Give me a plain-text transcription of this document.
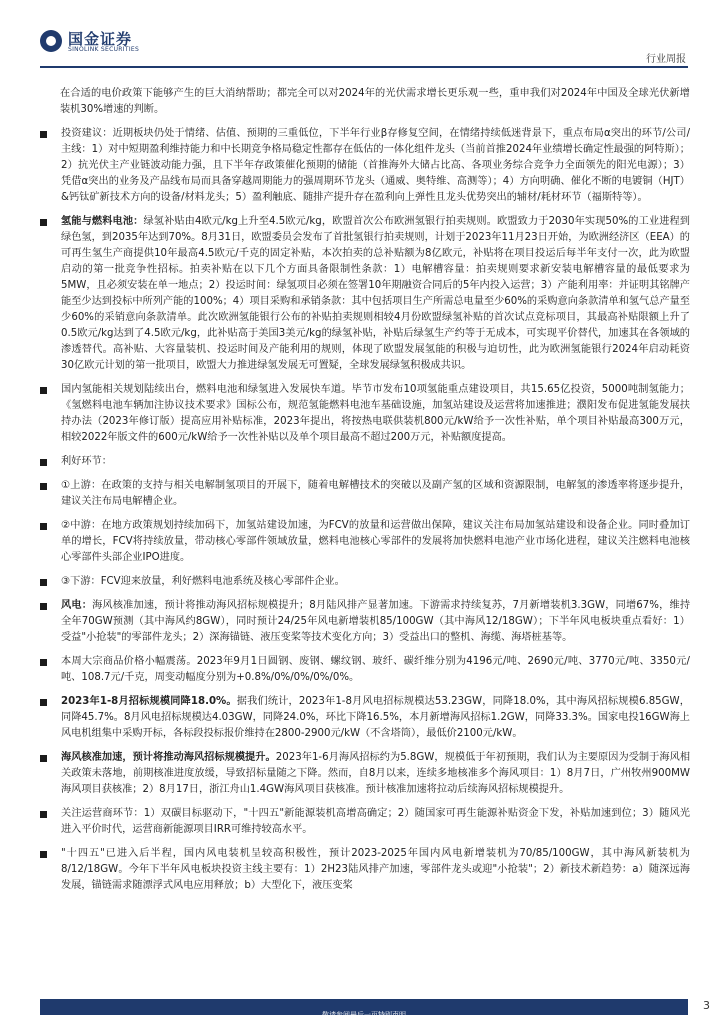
国金证券
SINOLINK SECURITIES
行业周报

在合适的电价政策下能够产生的巨大消纳帮助；都完全可以对2024年的光伏需求增长更乐观一些，重申我们对2024年中国及全球光伏新增装机30%增速的判断。

投资建议：近期板块仍处于情绪、估值、预期的三重低位，下半年行业β存修复空间，在情绪持续低迷背景下，重点布局α突出的环节/公司/主线：1）对中短期盈利维持能力和中长期竞争格局稳定性都存在低估的一体化组件龙头（当前首推2024年业绩增长确定性最强的阿特斯）；2）抗光伏主产业链波动能力强，且下半年存政策催化预期的储能（首推海外大储占比高、各项业务综合竞争力全面领先的阳光电源）；3）凭借α突出的业务及产品线布局而具备穿越周期能力的强周期环节龙头（通威、奥特维、高测等）；4）方向明确、催化不断的电镀铜（HJT）&钙钛矿新技术方向的设备/材料龙头；5）盈利触底、随排产提升存在盈利向上弹性且龙头优势突出的辅材/耗材环节（福斯特等）。
氢能与燃料电池：绿氢补贴由4欧元/kg上升至4.5欧元/kg，欧盟首次公布欧洲氢银行拍卖规则。欧盟致力于2030年实现50%的工业进程到绿色氢，到2035年达到70%。8月31日，欧盟委员会发布了首批氢银行拍卖规则，计划于2023年11月23日开始，为欧洲经济区（EEA）的可再生氢生产商提供10年最高4.5欧元/千克的固定补贴，本次拍卖的总补贴额为8亿欧元，补贴将在项目投运后每半年支付一次，此为欧盟启动的第一批竞争性招标。拍卖补贴在以下几个方面具备限制性条款：1）电解槽容量：拍卖规则要求新安装电解槽容量的最低要求为5MW，且必须安装在单一地点；2）投运时间：绿氢项目必须在签署10年期融资合同后的5年内投入运营；3）产能利用率：并证明其铭牌产能至少达到投标中所列产能的100%；4）项目采购和承销条款：其中包括项目生产所需总电量至少60%的采购意向条款清单和氢气总产量至少60%的采销意向条款清单。此次欧洲氢能银行公布的补贴拍卖规则相较4月份欧盟绿氢补贴的首次试点竞标项目，其最高补贴限额上升了0.5欧元/kg达到了4.5欧元/kg，此补贴高于美国3美元/kg的绿氢补贴，补贴后绿氢生产约等于无成本，可实现平价替代，加速其在各领域的渗透替代。高补贴、大容量装机、投运时间及产能利用的规则，体现了欧盟发展氢能的积极与迫切性，此为欧洲氢能银行2024年启动耗资30亿欧元计划的第一批项目，欧盟大力推进绿氢发展无可置疑，全球发展绿氢积极成共识。
国内氢能相关规划陆续出台，燃料电池和绿氢进入发展快车道。毕节市发布10项氢能重点建设项目，共15.65亿投资，5000吨制氢能力；《氢燃料电池车辆加注协议技术要求》国标公布，规范氢能燃料电池车基础设施，加氢站建设及运营将加速推进；濮阳发布促进氢能发展扶持办法（2023年修订版）提高应用补贴标准，2023年提出，将按热电联供装机800元/kW给予一次性补贴，单个项目补贴最高300万元，相较2022年版文件的600元/kW给予一次性补贴以及单个项目最高不超过200万元，补贴额度提高。
利好环节：
①上游：在政策的支持与相关电解制氢项目的开展下，随着电解槽技术的突破以及副产氢的区域和资源限制，电解氢的渗透率将逐步提升，建议关注布局电解槽企业。
②中游：在地方政策规划持续加码下，加氢站建设加速，为FCV的放量和运营做出保障，建议关注布局加氢站建设和设备企业。同时叠加订单的增长，FCV将持续放量，带动核心零部件领域放量，燃料电池核心零部件的发展将加快燃料电池产业市场化进程，建议关注燃料电池核心零部件头部企业IPO进度。
③下游：FCV迎来放量，利好燃料电池系统及核心零部件企业。
风电：海风核准加速，预计将推动海风招标规模提升；8月陆风排产显著加速。下游需求持续复苏，7月新增装机3.3GW，同增67%，维持全年70GW预测（其中海风约8GW），同时预计24/25年风电新增装机85/100GW（其中海风12/18GW）；下半年风电板块重点看好：1）受益"小抢装"的零部件龙头；2）深海锚链、液压变桨等技术变化方向；3）受益出口的整机、海缆、海塔桩基等。
本周大宗商品价格小幅震荡。2023年9月1日圆钢、废钢、螺纹钢、玻纤、碳纤维分别为4196元/吨、2690元/吨、3770元/吨、3350元/吨、108.7元/千克，周变动幅度分别为+0.8%/0%/0%/0%/0%。
2023年1-8月招标规模同降18.0%。据我们统计，2023年1-8月风电招标规模达53.23GW，同降18.0%，其中海风招标规模6.85GW，同降45.7%。8月风电招标规模达4.03GW，同降24.0%，环比下降16.5%，本月新增海风招标1.2GW，同降33.3%。国家电投16GW海上风电机组集中采购开标，各标段投标报价维持在2800-2900元/kW（不含塔筒），最低价2100元/kW。
海风核准加速，预计将推动海风招标规模提升。2023年1-6月海风招标约为5.8GW，规模低于年初预期，我们认为主要原因为受制于海风相关政策未落地，前期核准进度放缓，导致招标量随之下降。然而，自8月以来，连续多地核准多个海风项目：1）8月7日，广州牧州900MW海风项目获核准；2）8月17日，浙江舟山1.4GW海风项目获核准。预计核准加速将拉动后续海风招标规模提升。
关注运营商环节：1）双碳目标驱动下，"十四五"新能源装机高增高确定；2）随国家可再生能源补贴资金下发，补贴加速到位；3）随风光进入平价时代，运营商新能源项目IRR可维持较高水平。
"十四五"已进入后半程，国内风电装机呈较高积极性，预计2023-2025年国内风电新增装机为70/85/100GW，其中海风新装机为8/12/18GW。今年下半年风电板块投资主线主要有：1）2H23陆风排产加速，零部件龙头或迎"小抢装"；2）新技术新趋势：a）随深远海发展，锚链需求随漂浮式风电应用释放；b）大型化下，液压变桨
敬请参阅最后一页特别声明
3
